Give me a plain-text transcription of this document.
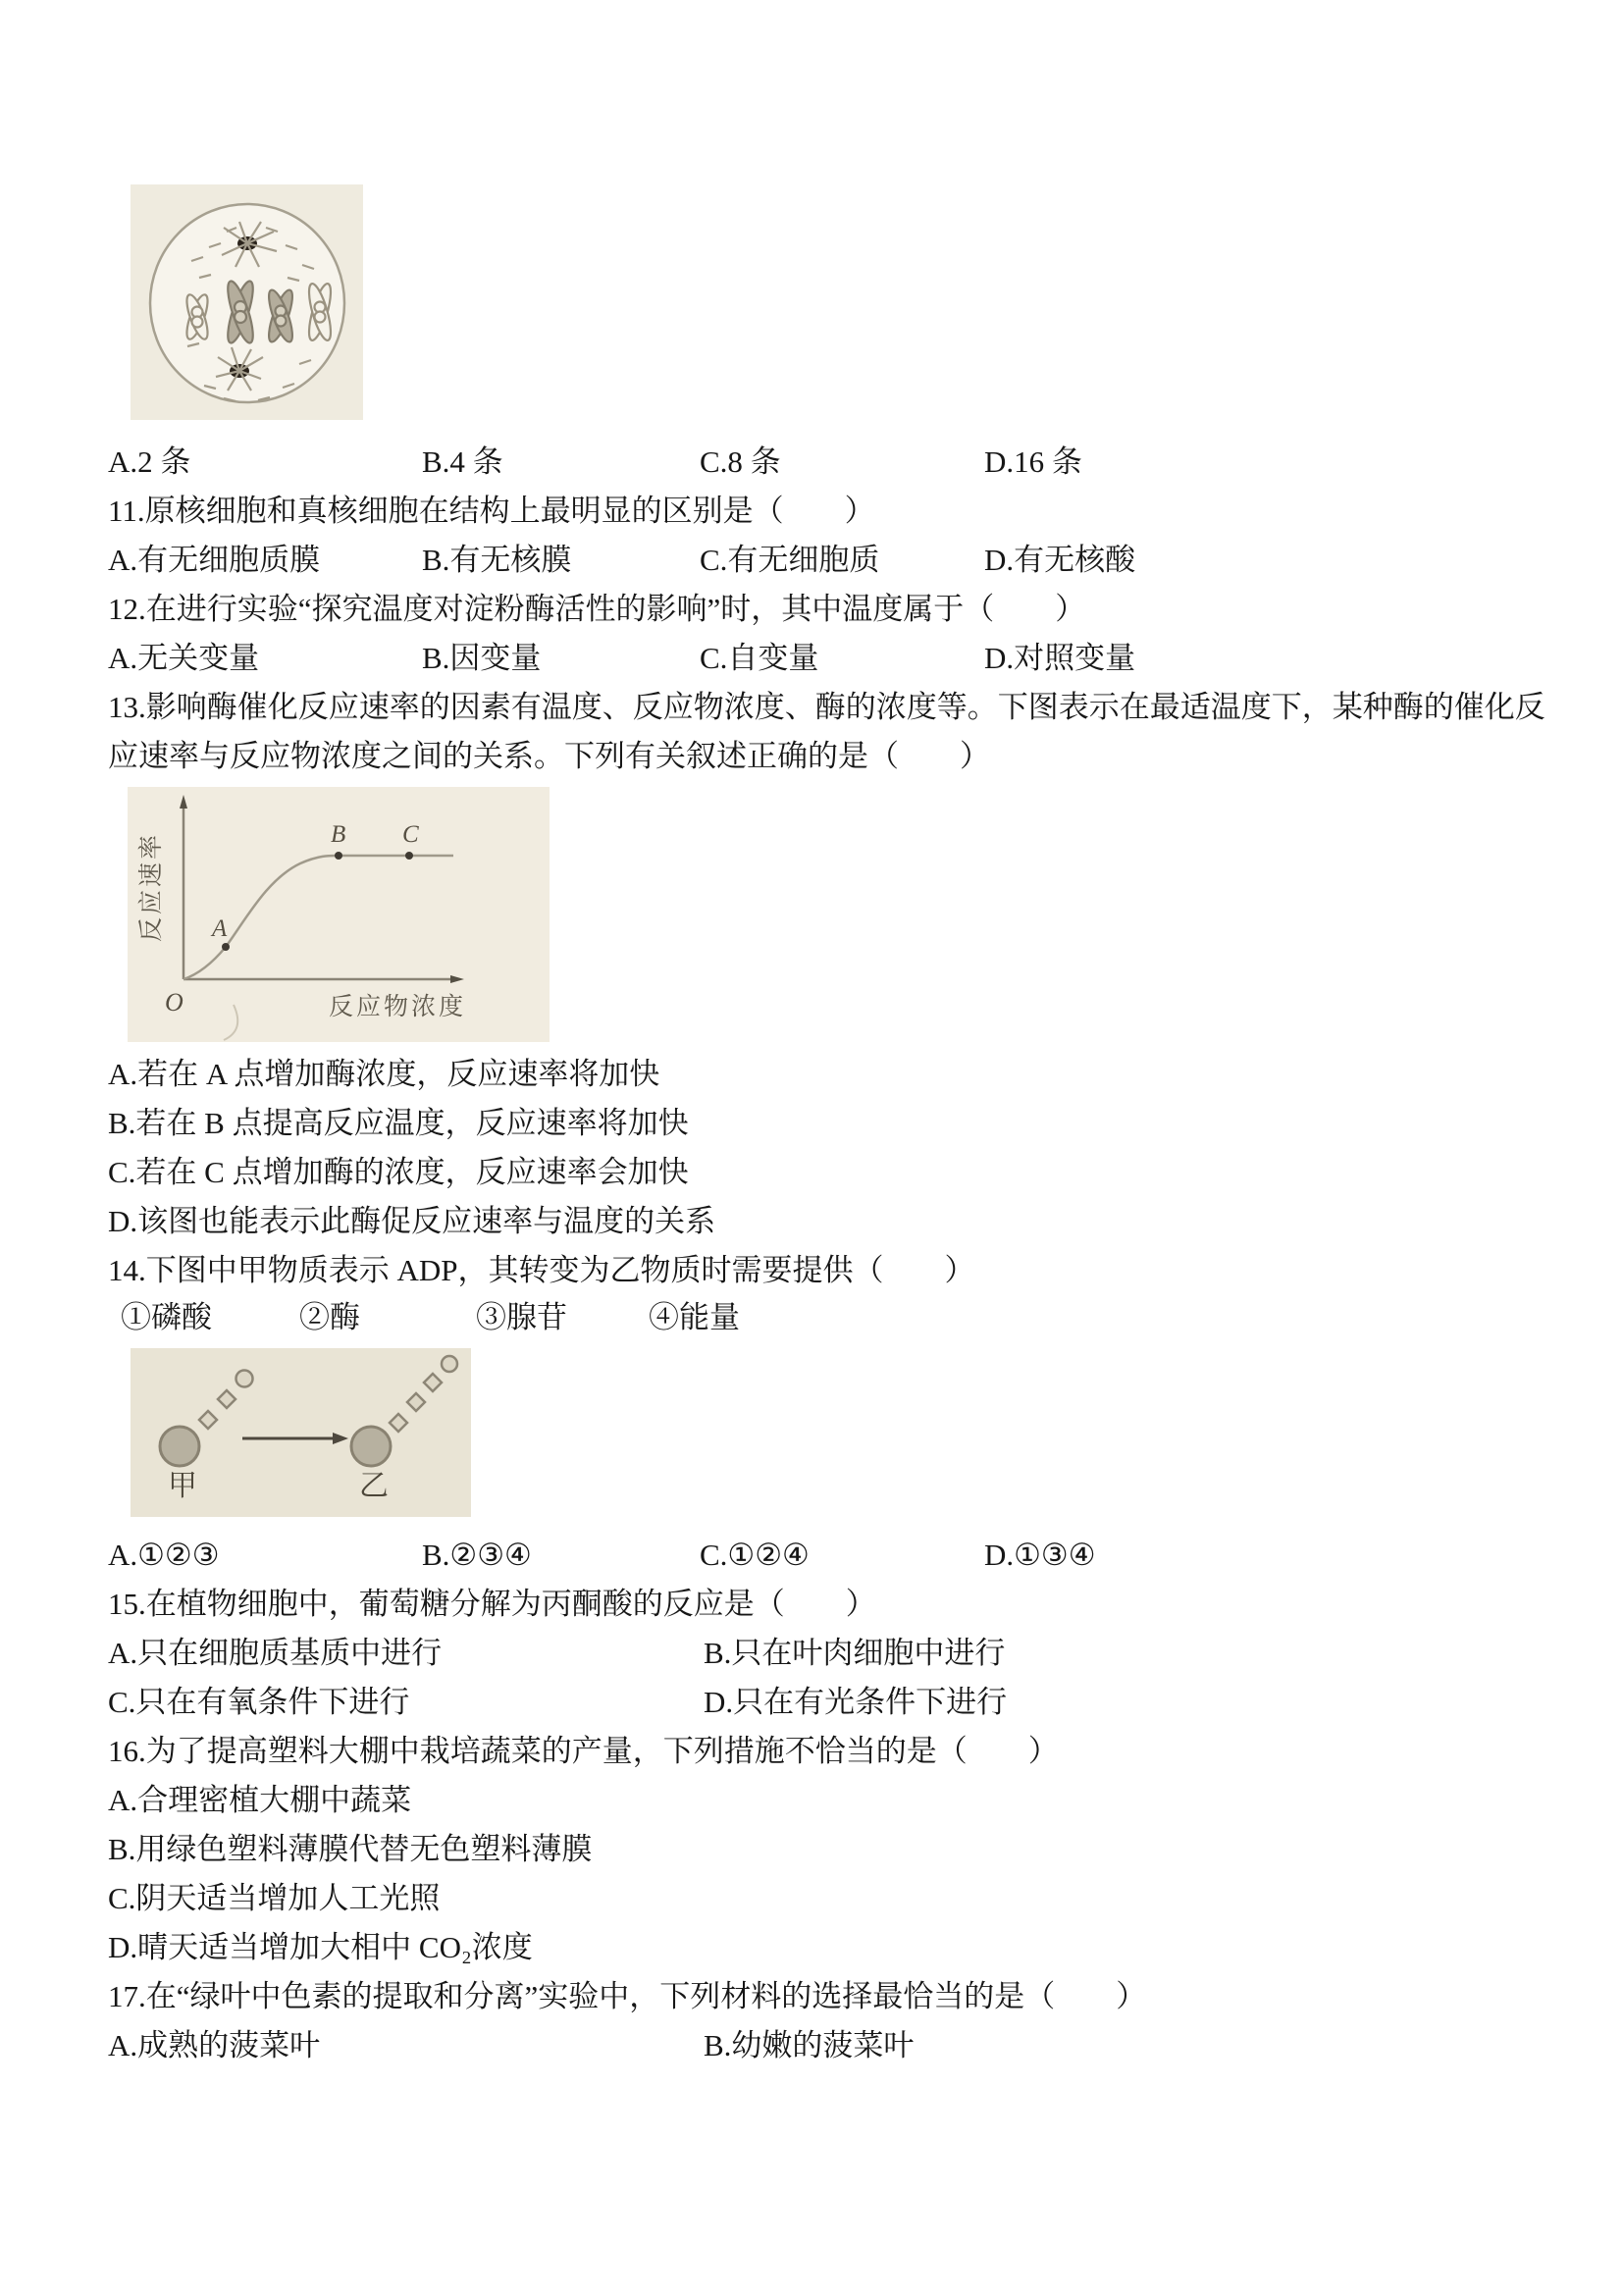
A.2 条	B.4 条	C.8 条	D.16 条
11.原核细胞和真核细胞在结构上最明显的区别是（　　）
A.有无细胞质膜	B.有无核膜	C.有无细胞质	D.有无核酸
12.在进行实验“探究温度对淀粉酶活性的影响”时，其中温度属于（　　）
A.无关变量	B.因变量	C.自变量	D.对照变量
13.影响酶催化反应速率的因素有温度、反应物浓度、酶的浓度等。下图表示在最适温度下，某种酶的催化反
应速率与反应物浓度之间的关系。下列有关叙述正确的是（　　）
A
B C
O
反应速率
反应物浓度
A.若在 A 点增加酶浓度，反应速率将加快
B.若在 B 点提高反应温度，反应速率将加快
C.若在 C 点增加酶的浓度，反应速率会加快
D.该图也能表示此酶促反应速率与温度的关系
14.下图中甲物质表示 ADP，其转变为乙物质时需要提供（　　）
①磷酸	②酶	③腺苷	④能量
甲	乙
A.①②③	B.②③④	C.①②④	D.①③④
15.在植物细胞中，葡萄糖分解为丙酮酸的反应是（　　）
A.只在细胞质基质中进行	B.只在叶肉细胞中进行
C.只在有氧条件下进行	D.只在有光条件下进行
16.为了提高塑料大棚中栽培蔬菜的产量，下列措施不恰当的是（　　）
A.合理密植大棚中蔬菜
B.用绿色塑料薄膜代替无色塑料薄膜
C.阴天适当增加人工光照
D.晴天适当增加大相中 CO₂浓度
17.在“绿叶中色素的提取和分离”实验中，下列材料的选择最恰当的是（　　）
A.成熟的菠菜叶	B.幼嫩的菠菜叶
